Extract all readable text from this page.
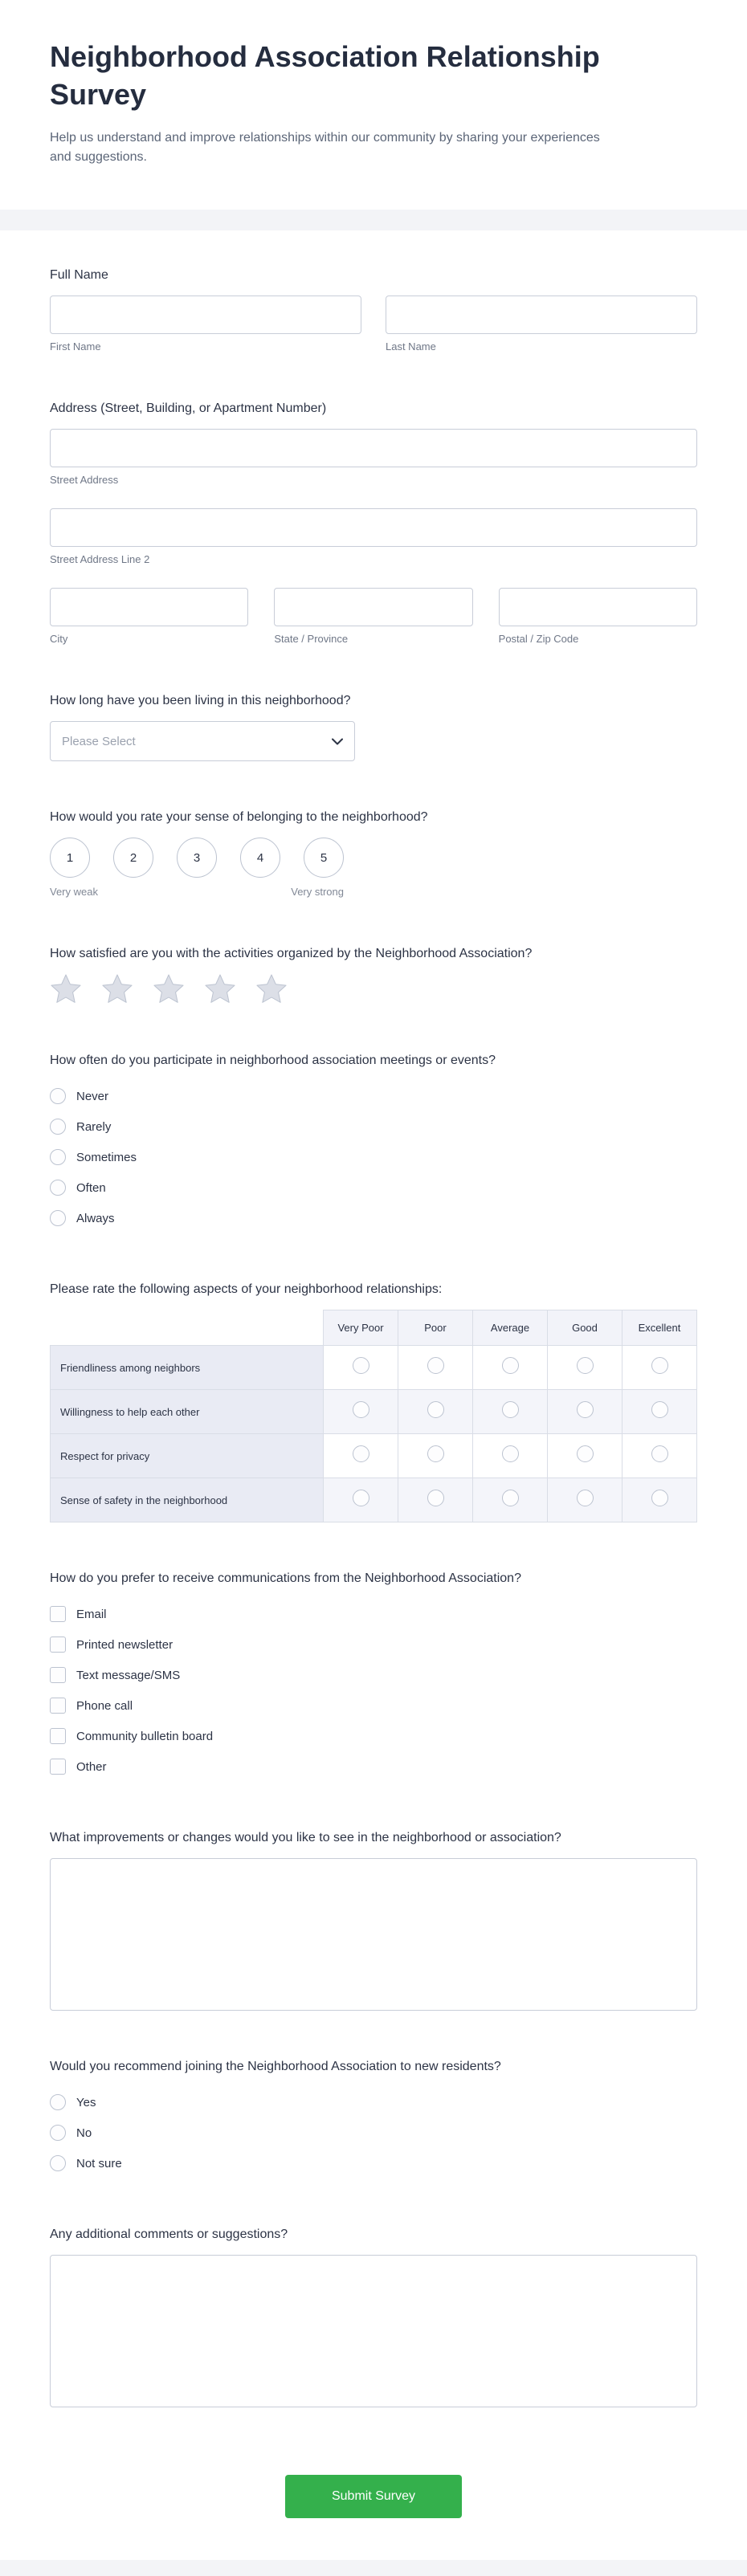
Neighborhood Association Relationship Survey

Help us understand and improve relationships within our community by sharing your experiences and suggestions.

Full Name
First Name	Last Name
Address (Street, Building, or Apartment Number)
Street Address
Street Address Line 2
City	State / Province	Postal / Zip Code
How long have you been living in this neighborhood?
Please Select
How would you rate your sense of belonging to the neighborhood?
1	2	3	4	5
Very weak	Very strong
How satisfied are you with the activities organized by the Neighborhood Association?
How often do you participate in neighborhood association meetings or events?
Never
Rarely
Sometimes
Often
Always
Please rate the following aspects of your neighborhood relationships:
	Very Poor	Poor	Average	Good	Excellent
Friendliness among neighbors					
Willingness to help each other					
Respect for privacy					
Sense of safety in the neighborhood					
How do you prefer to receive communications from the Neighborhood Association?
Email
Printed newsletter
Text message/SMS
Phone call
Community bulletin board
Other
What improvements or changes would you like to see in the neighborhood or association?
Would you recommend joining the Neighborhood Association to new residents?
Yes
No
Not sure
Any additional comments or suggestions?
Submit Survey
